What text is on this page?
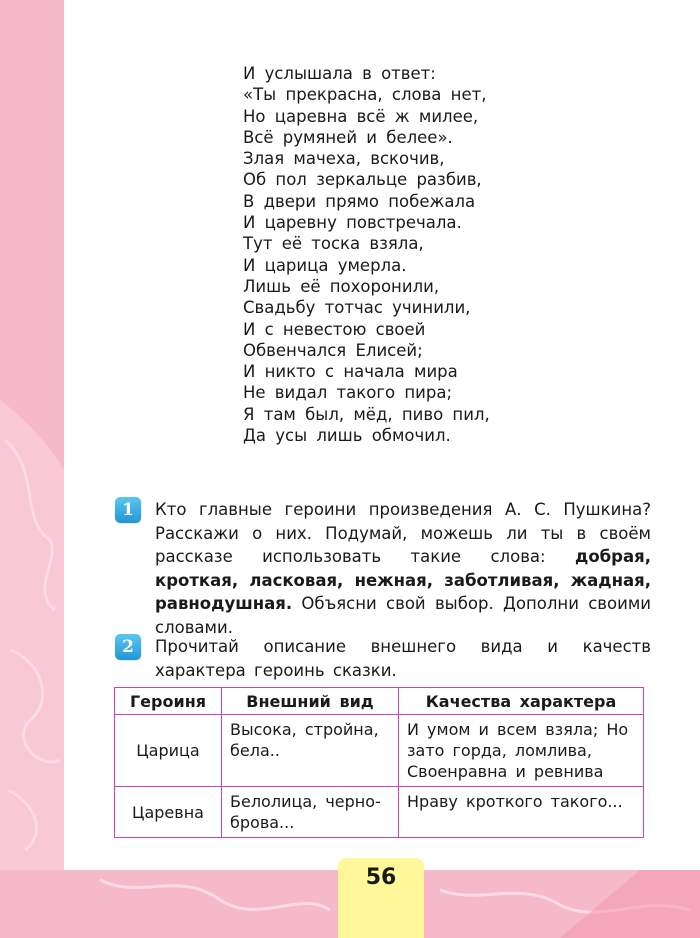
И услышала в ответ:
«Ты прекрасна, слова нет,
Но царевна всё ж милее,
Всё румяней и белее».
Злая мачеха, вскочив,
Об пол зеркальце разбив,
В двери прямо побежала
И царевну повстречала.
Тут её тоска взяла,
И царица умерла.
Лишь её похоронили,
Свадьбу тотчас учинили,
И с невестою своей
Обвенчался Елисей;
И никто с начала мира
Не видал такого пира;
Я там был, мёд, пиво пил,
Да усы лишь обмочил.
1	Кто главные героини произведения А. С. Пушкина? Расскажи о них. Подумай, можешь ли ты в своём рассказе использовать такие слова: добрая, кроткая, ласковая, нежная, заботливая, жадная, равнодушная. Объясни свой выбор. Дополни своими словами.
2	Прочитай описание внешнего вида и качеств характера героинь сказки.
Героиня	Внешний вид	Качества характера
Царица	Высока, стройна, бела..	И умом и всем взяла; Но зато горда, ломлива, Своенравна и ревнива
Царевна	Белолица, черно-брова...	Нраву кроткого такого...
56
